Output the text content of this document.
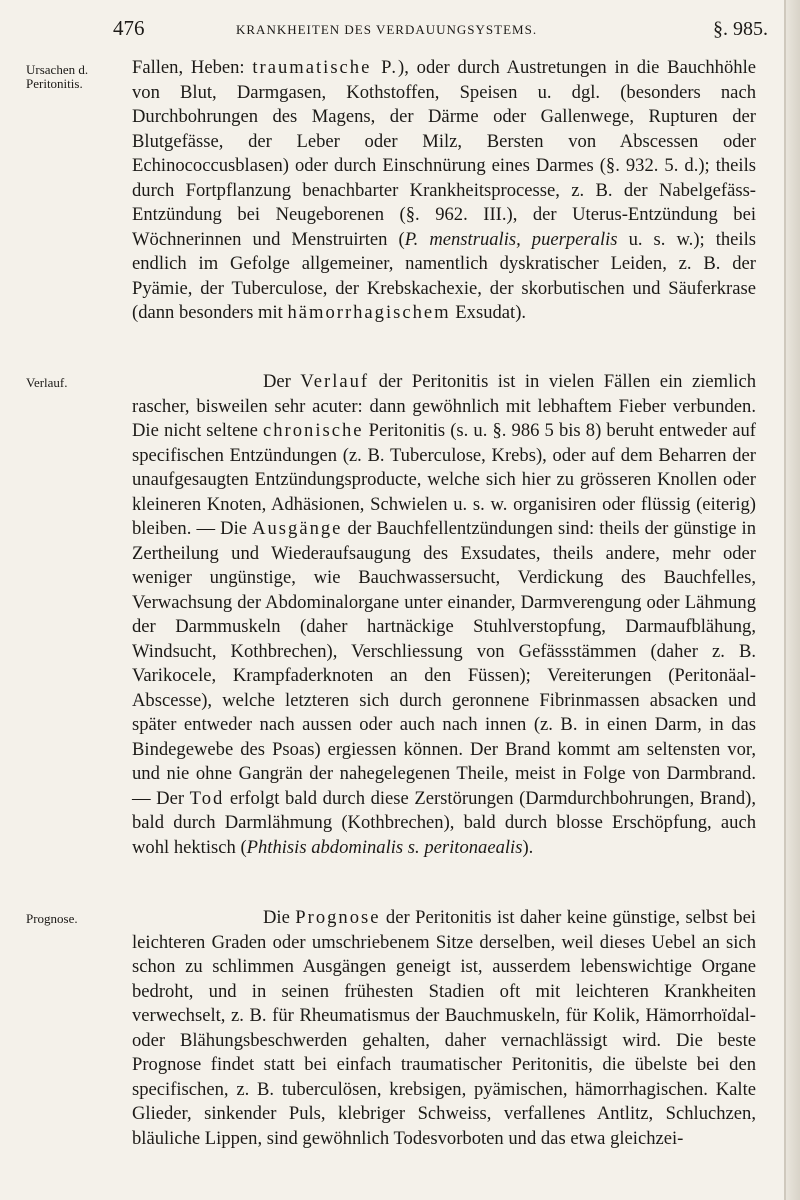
476	KRANKHEITEN DES VERDAUUNGSYSTEMS.	§. 985.
Ursachen d. Peritonitis.
Verlauf.
Prognose.

Fallen, Heben: traumatische P.), oder durch Austretungen in die Bauchhöhle von Blut, Darmgasen, Kothstoffen, Speisen u. dgl. (besonders nach Durchbohrungen des Magens, der Därme oder Gallenwege, Rupturen der Blutgefässe, der Leber oder Milz, Bersten von Abscessen oder Echinococcusblasen) oder durch Einschnürung eines Darmes (§. 932. 5. d.); theils durch Fortpflanzung benachbarter Krankheitsprocesse, z. B. der Nabelgefäss-Entzündung bei Neugeborenen (§. 962. III.), der Uterus-Entzündung bei Wöchnerinnen und Menstruirten (P. menstrualis, puerperalis u. s. w.); theils endlich im Gefolge allgemeiner, namentlich dyskratischer Leiden, z. B. der Pyämie, der Tuberculose, der Krebskachexie, der skorbutischen und Säuferkrase (dann besonders mit hämorrhagischem Exsudat).

Der Verlauf der Peritonitis ist in vielen Fällen ein ziemlich rascher, bisweilen sehr acuter: dann gewöhnlich mit lebhaftem Fieber verbunden. Die nicht seltene chronische Peritonitis (s. u. §. 986 5 bis 8) beruht entweder auf specifischen Entzündungen (z. B. Tuberculose, Krebs), oder auf dem Beharren der unaufgesaugten Entzündungsproducte, welche sich hier zu grösseren Knollen oder kleineren Knoten, Adhäsionen, Schwielen u. s. w. organisiren oder flüssig (eiterig) bleiben. — Die Ausgänge der Bauchfellentzündungen sind: theils der günstige in Zertheilung und Wiederaufsaugung des Exsudates, theils andere, mehr oder weniger ungünstige, wie Bauchwassersucht, Verdickung des Bauchfelles, Verwachsung der Abdominalorgane unter einander, Darmverengung oder Lähmung der Darmmuskeln (daher hartnäckige Stuhlverstopfung, Darmaufblähung, Windsucht, Kothbrechen), Verschliessung von Gefässstämmen (daher z. B. Varikocele, Krampfaderknoten an den Füssen); Vereiterungen (Peritonäal-Abscesse), welche letzteren sich durch geronnene Fibrinmassen absacken und später entweder nach aussen oder auch nach innen (z. B. in einen Darm, in das Bindegewebe des Psoas) ergiessen können. Der Brand kommt am seltensten vor, und nie ohne Gangrän der nahegelegenen Theile, meist in Folge von Darmbrand. — Der Tod erfolgt bald durch diese Zerstörungen (Darmdurchbohrungen, Brand), bald durch Darmlähmung (Kothbrechen), bald durch blosse Erschöpfung, auch wohl hektisch (Phthisis abdominalis s. peritonaealis).

Die Prognose der Peritonitis ist daher keine günstige, selbst bei leichteren Graden oder umschriebenem Sitze derselben, weil dieses Uebel an sich schon zu schlimmen Ausgängen geneigt ist, ausserdem lebenswichtige Organe bedroht, und in seinen frühesten Stadien oft mit leichteren Krankheiten verwechselt, z. B. für Rheumatismus der Bauchmuskeln, für Kolik, Hämorrhoïdal- oder Blähungsbeschwerden gehalten, daher vernachlässigt wird. Die beste Prognose findet statt bei einfach traumatischer Peritonitis, die übelste bei den specifischen, z. B. tuberculösen, krebsigen, pyämischen, hämorrhagischen. Kalte Glieder, sinkender Puls, klebriger Schweiss, verfallenes Antlitz, Schluchzen, bläuliche Lippen, sind gewöhnlich Todesvorboten und das etwa gleichzei-
